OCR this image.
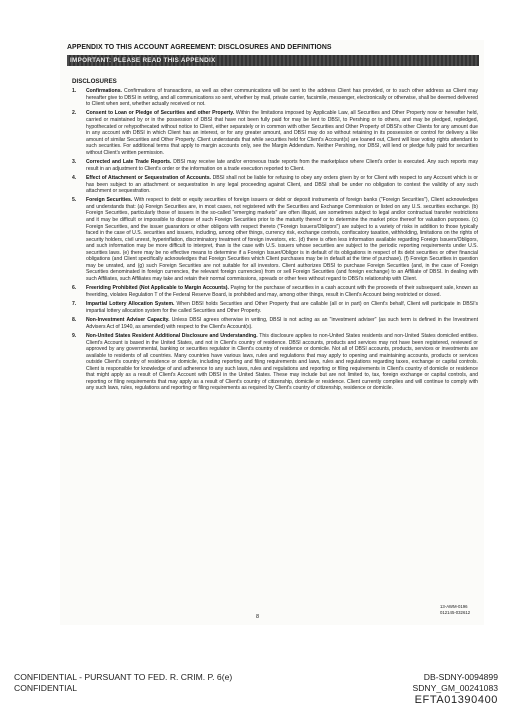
APPENDIX TO THIS ACCOUNT AGREEMENT: DISCLOSURES AND DEFINITIONS
IMPORTANT: PLEASE READ THIS APPENDIX
DISCLOSURES
1.	Confirmations. Confirmations of transactions, as well as other communications will be sent to the address Client has provided, or to such other address as Client may hereafter give to DBSI in writing, and all communications so sent, whether by mail, private carrier, facsimile, messenger, electronically or otherwise, shall be deemed delivered to Client when sent, whether actually received or not.
2.	Consent to Loan or Pledge of Securities and other Property. Within the limitations imposed by Applicable Law, all Securities and Other Property now or hereafter held, carried or maintained by or in the possession of DBSI that have not been fully paid for may be lent to DBSI, to Pershing or to others, and may be pledged, repledged, hypothecated or rehypothecated without notice to Client, either separately or in common with other Securities and Other Property of DBSI's other Clients for any amount due in any account with DBSI in which Client has an interest, or for any greater amount, and DBSI may do so without retaining in its possession or control for delivery a like amount of similar Securities and Other Property. Client understands that while securities held for Client's Account(s) are loaned out, Client will lose voting rights attendant to such securities. For additional terms that apply to margin accounts only, see the Margin Addendum. Neither Pershing, nor DBSI, will lend or pledge fully paid for securities without Client's written permission.
3.	Corrected and Late Trade Reports. DBSI may receive late and/or erroneous trade reports from the marketplace where Client's order is executed. Any such reports may result in an adjustment to Client's order or the information on a trade execution reported to Client.
4.	Effect of Attachment or Sequestration of Accounts. DBSI shall not be liable for refusing to obey any orders given by or for Client with respect to any Account which is or has been subject to an attachment or sequestration in any legal proceeding against Client, and DBSI shall be under no obligation to contest the validity of any such attachment or sequestration.
5.	Foreign Securities. With respect to debt or equity securities of foreign issuers or debt or deposit instruments of foreign banks ("Foreign Securities"), Client acknowledges and understands that: (a) Foreign Securities are, in most cases, not registered with the Securities and Exchange Commission or listed on any U.S. securities exchange. (b) Foreign Securities, particularly those of issuers in the so-called "emerging markets" are often illiquid, are sometimes subject to legal and/or contractual transfer restrictions and it may be difficult or impossible to dispose of such Foreign Securities prior to the maturity thereof or to determine the market price thereof for valuation purposes. (c) Foreign Securities, and the issuer guarantors or other obligors with respect thereto ("Foreign Issuers/Obligors") are subject to a variety of risks in addition to those typically faced in the case of U.S. securities and issuers, including, among other things, currency risk, exchange controls, confiscatory taxation, withholding, limitations on the rights of security holders, civil unrest, hyperinflation, discriminatory treatment of foreign investors, etc. (d) there is often less information available regarding Foreign Issuers/Obligors, and such information may be more difficult to interpret, than is the case with U.S. issuers whose securities are subject to the periodic reporting requirements under U.S. securities laws. (e) there may be no effective means to determine if a Foreign Issuer/Obligor is in default of its obligations in respect of its debt securities or other financial obligations (and Client specifically acknowledges that Foreign Securities which Client purchases may be in default at the time of purchase). (f) Foreign Securities in question may be unrated, and (g) such Foreign Securities are not suitable for all investors. Client authorizes DBSI to purchase Foreign Securities (and, in the case of Foreign Securities denominated in foreign currencies, the relevant foreign currencies) from or sell Foreign Securities (and foreign exchange) to an Affiliate of DBSI. In dealing with such Affiliates, such Affiliates may take and retain their normal commissions, spreads or other fees without regard to DBSI's relationship with Client.
6.	Freeriding Prohibited (Not Applicable to Margin Accounts). Paying for the purchase of securities in a cash account with the proceeds of their subsequent sale, known as freeriding, violates Regulation T of the Federal Reserve Board, is prohibited and may, among other things, result in Client's Account being restricted or closed.
7.	Impartial Lottery Allocation System. When DBSI holds Securities and Other Property that are callable (all or in part) on Client's behalf, Client will participate in DBSI's impartial lottery allocation system for the called Securities and Other Property.
8.	Non-Investment Adviser Capacity. Unless DBSI agrees otherwise in writing, DBSI is not acting as an "investment adviser" (as such term is defined in the Investment Advisers Act of 1940, as amended) with respect to the Client's Account(s).
9.	Non-United States Resident Additional Disclosure and Understanding. This disclosure applies to non-United States residents and non-United States domiciled entities. Client's Account is based in the United States, and not in Client's country of residence. DBSI accounts, products and services may not have been registered, reviewed or approved by any governmental, banking or securities regulator in Client's country of residence or domicile. Not all of DBSI accounts, products, services or investments are available to residents of all countries. Many countries have various laws, rules and regulations that may apply to opening and maintaining accounts, products or services outside Client's country of residence or domicile, including reporting and filing requirements and laws, rules and regulations regarding taxes, exchange or capital controls. Client is responsible for knowledge of and adherence to any such laws, rules and regulations and reporting or filing requirements in Client's country of domicile or residence that might apply as a result of Client's Account with DBSI in the United States. These may include but are not limited to, tax, foreign exchange or capital controls, and reporting or filing requirements that may apply as a result of Client's country of citizenship, domicile or residence. Client currently complies and will continue to comply with any such laws, rules, regulations and reporting or filing requirements as required by Client's country of citizenship, residence or domicile.
8
13-AWM-0196
012145-032612
CONFIDENTIAL - PURSUANT TO FED. R. CRIM. P. 6(e)
CONFIDENTIAL
DB-SDNY-0094899
SDNY_GM_00241083
EFTA01390400
